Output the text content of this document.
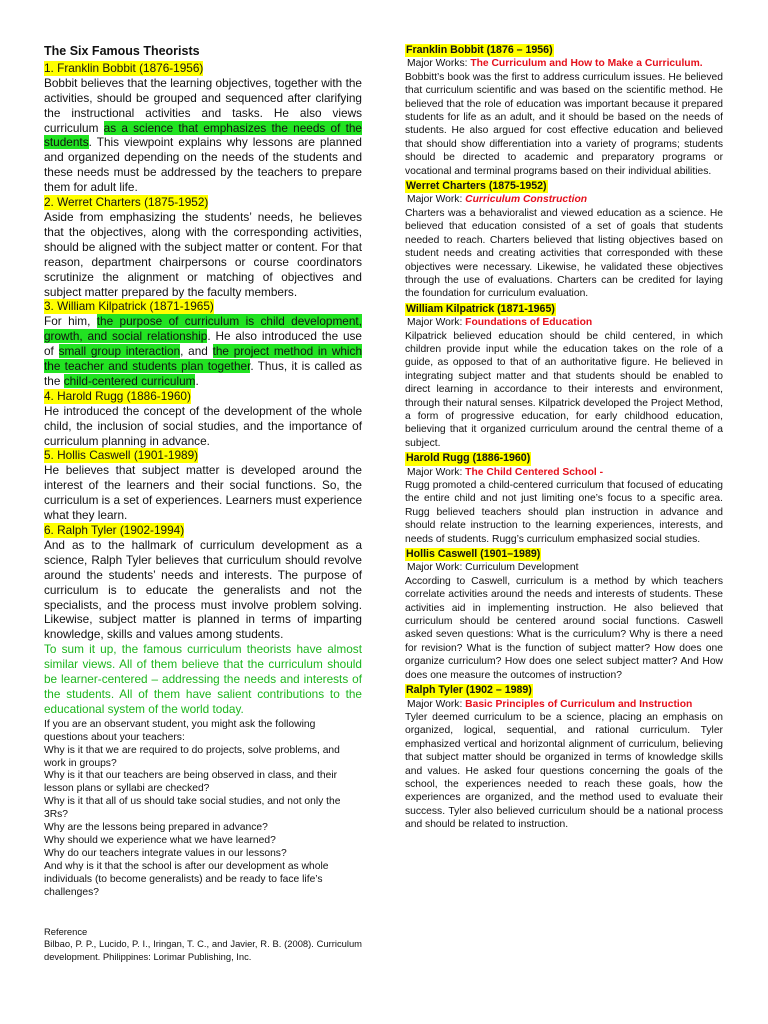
The Six Famous Theorists
1. Franklin Bobbit (1876-1956)

Bobbit believes that the learning objectives, together with the activities, should be grouped and sequenced after clarifying the instructional activities and tasks. He also views curriculum as a science that emphasizes the needs of the students. This viewpoint explains why lessons are planned and organized depending on the needs of the students and these needs must be addressed by the teachers to prepare them for adult life.

2. Werret Charters (1875-1952)

Aside from emphasizing the students’ needs, he believes that the objectives, along with the corresponding activities, should be aligned with the subject matter or content. For that reason, department chairpersons or course coordinators scrutinize the alignment or matching of objectives and subject matter prepared by the faculty members.

3. William Kilpatrick (1871-1965)

For him, the purpose of curriculum is child development, growth, and social relationship. He also introduced the use of small group interaction, and the project method in which the teacher and students plan together. Thus, it is called as the child-centered curriculum.

4. Harold Rugg (1886-1960)

He introduced the concept of the development of the whole child, the inclusion of social studies, and the importance of curriculum planning in advance.

5. Hollis Caswell (1901-1989)

He believes that subject matter is developed around the interest of the learners and their social functions. So, the curriculum is a set of experiences. Learners must experience what they learn.

6. Ralph Tyler (1902-1994)

And as to the hallmark of curriculum development as a science, Ralph Tyler believes that curriculum should revolve around the students’ needs and interests. The purpose of curriculum is to educate the generalists and not the specialists, and the process must involve problem solving. Likewise, subject matter is planned in terms of imparting knowledge, skills and values among students.

To sum it up, the famous curriculum theorists have almost similar views. All of them believe that the curriculum should be learner-centered – addressing the needs and interests of the students. All of them have salient contributions to the educational system of the world today.

If you are an observant student, you might ask the following questions about your teachers:
Why is it that we are required to do projects, solve problems, and work in groups?
Why is it that our teachers are being observed in class, and their lesson plans or syllabi are checked?
Why is it that all of us should take social studies, and not only the 3Rs?
Why are the lessons being prepared in advance?
Why should we experience what we have learned?
Why do our teachers integrate values in our lessons?
And why is it that the school is after our development as whole individuals (to become generalists) and be ready to face life’s challenges?
Reference

Bilbao, P. P., Lucido, P. I., Iringan, T. C., and Javier, R. B. (2008). Curriculum development. Philippines: Lorimar Publishing, Inc.

Franklin Bobbit (1876 – 1956)
Major Works: The Curriculum and How to Make a Curriculum.

Bobbitt’s book was the first to address curriculum issues. He believed that curriculum scientific and was based on the scientific method. He believed that the role of education was important because it prepared students for life as an adult, and it should be based on the needs of students. He also argued for cost effective education and believed that should show differentiation into a variety of programs; students should be directed to academic and preparatory programs or vocational and terminal programs based on their individual abilities.

Werret Charters (1875-1952)
Major Work: Curriculum Construction

Charters was a behavioralist and viewed education as a science. He believed that education consisted of a set of goals that students needed to reach. Charters believed that listing objectives based on student needs and creating activities that corresponded with these objectives were necessary. Likewise, he validated these objectives through the use of evaluations. Charters can be credited for laying the foundation for curriculum evaluation.

William Kilpatrick (1871-1965)
Major Work: Foundations of Education

Kilpatrick believed education should be child centered, in which children provide input while the education takes on the role of a guide, as opposed to that of an authoritative figure. He believed in integrating subject matter and that students should be enabled to direct learning in accordance to their interests and environment, through their natural senses. Kilpatrick developed the Project Method, a form of progressive education, for early childhood education, believing that it organized curriculum around the central theme of a subject.

Harold Rugg (1886-1960)
Major Work: The Child Centered School -

Rugg promoted a child-centered curriculum that focused of educating the entire child and not just limiting one’s focus to a specific area. Rugg believed teachers should plan instruction in advance and should relate instruction to the learning experiences, interests, and needs of students. Rugg’s curriculum emphasized social studies.

Hollis Caswell (1901–1989)
Major Work: Curriculum Development

According to Caswell, curriculum is a method by which teachers correlate activities around the needs and interests of students. These activities aid in implementing instruction. He also believed that curriculum should be centered around social functions. Caswell asked seven questions: What is the curriculum? Why is there a need for revision? What is the function of subject matter? How does one organize curriculum? How does one select subject matter? And How does one measure the outcomes of instruction?

Ralph Tyler (1902 – 1989)
Major Work: Basic Principles of Curriculum and Instruction

Tyler deemed curriculum to be a science, placing an emphasis on organized, logical, sequential, and rational curriculum. Tyler emphasized vertical and horizontal alignment of curriculum, believing that subject matter should be organized in terms of knowledge skills and values. He asked four questions concerning the goals of the school, the experiences needed to reach these goals, how the experiences are organized, and the method used to evaluate their success. Tyler also believed curriculum should be a national process and should be related to instruction.
